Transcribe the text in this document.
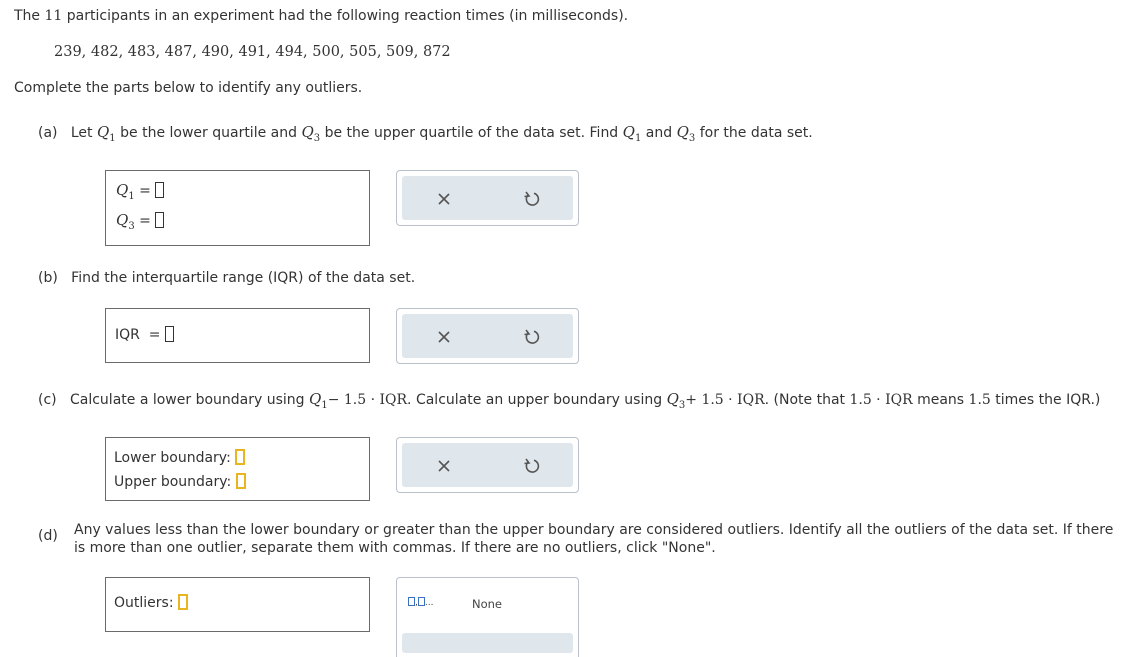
The 11 participants in an experiment had the following reaction times (in milliseconds).
239, 482, 483, 487, 490, 491, 494, 500, 505, 509, 872
Complete the parts below to identify any outliers.
(a) Let $Q_1$ be the lower quartile and $Q_3$ be the upper quartile of the data set. Find $Q_1$ and $Q_3$ for the data set.
$Q_1$ =
$Q_3$ =
(b) Find the interquartile range (IQR) of the data set.
IQR =
(c) Calculate a lower boundary using $Q_1- 1.5$ · IQR. Calculate an upper boundary using $Q_3+ 1.5$ · IQR. (Note that 1.5 · IQR means 1.5 times the IQR.)
Lower boundary:
Upper boundary:
(d) Any values less than the lower boundary or greater than the upper boundary are considered outliers. Identify all the outliers of the data set. If there
is more than one outlier, separate them with commas. If there are no outliers, click "None".
Outliers:	, ...	None
